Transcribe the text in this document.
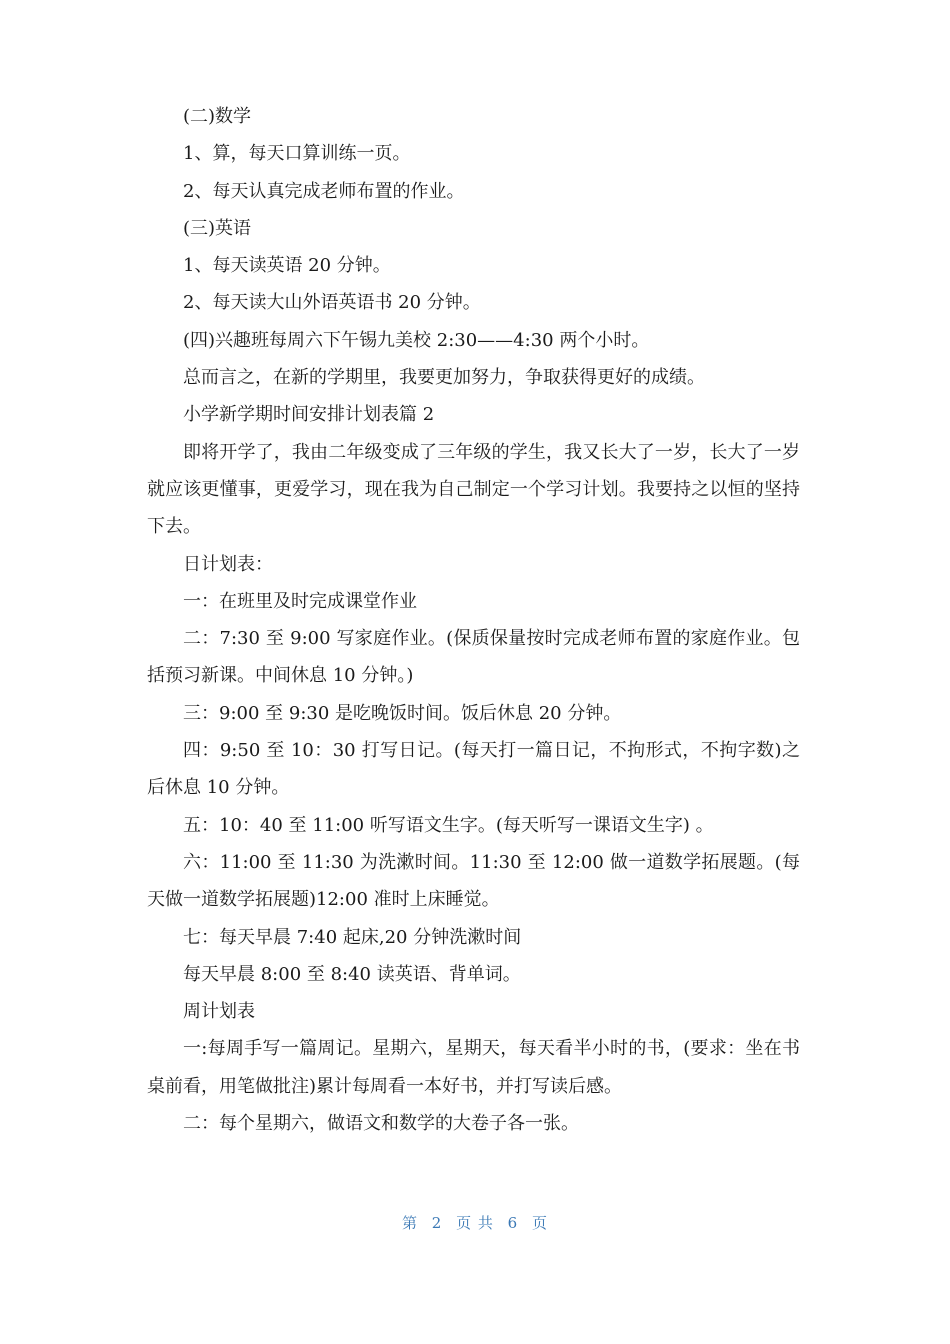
(二)数学

1、算，每天口算训练一页。

2、每天认真完成老师布置的作业。

(三)英语

1、每天读英语 20 分钟。

2、每天读大山外语英语书 20 分钟。

(四)兴趣班每周六下午锡九美校 2:30——4:30 两个小时。

总而言之，在新的学期里，我要更加努力，争取获得更好的成绩。

小学新学期时间安排计划表篇 2

即将开学了，我由二年级变成了三年级的学生，我又长大了一岁，长大了一岁就应该更懂事，更爱学习，现在我为自己制定一个学习计划。我要持之以恒的坚持下去。

日计划表：

一：在班里及时完成课堂作业

二：7:30 至 9:00 写家庭作业。(保质保量按时完成老师布置的家庭作业。包括预习新课。中间休息 10 分钟。)

三：9:00 至 9:30 是吃晚饭时间。饭后休息 20 分钟。

四：9:50 至 10：30 打写日记。(每天打一篇日记，不拘形式，不拘字数)之后休息 10 分钟。

五：10：40 至 11:00 听写语文生字。(每天听写一课语文生字) 。

六：11:00 至 11:30 为洗漱时间。11:30 至 12:00 做一道数学拓展题。(每天做一道数学拓展题)12:00 准时上床睡觉。

七：每天早晨 7:40 起床,20 分钟洗漱时间

每天早晨 8:00 至 8:40 读英语、背单词。

周计划表

一:每周手写一篇周记。星期六，星期天，每天看半小时的书，(要求：坐在书桌前看，用笔做批注)累计每周看一本好书，并打写读后感。

二：每个星期六，做语文和数学的大卷子各一张。

第 2 页 共 6 页
